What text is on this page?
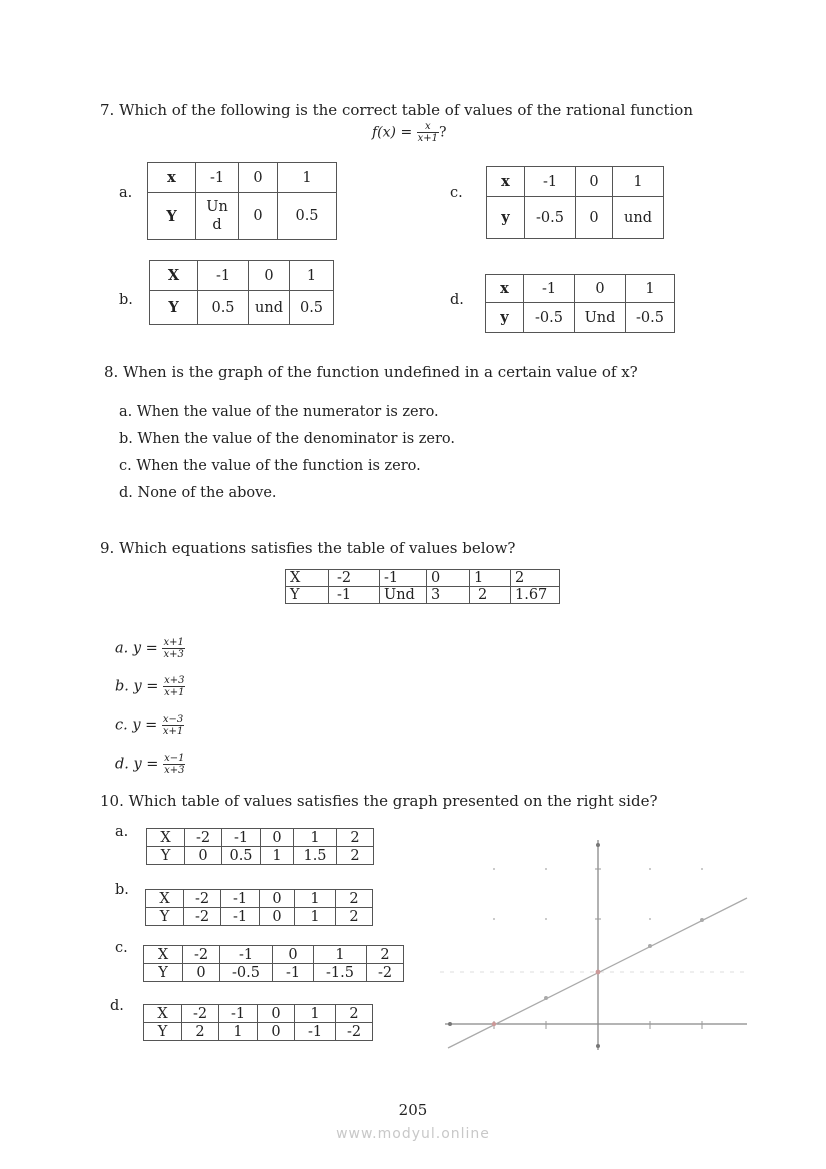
7. Which of the following is the correct table of values of the rational function
$f(x) = \frac{x}{x+1}$ ?
a.
x	-1	0	1
Y	Un d	0	0.5
b.
X	-1	0	1
Y	0.5	und	0.5
c.
x	-1	0	1
y	-0.5	0	und
d.
x	-1	0	1
y	-0.5	Und	-0.5
8. When is the graph of the function undefined in a certain value of x?
a. When the value of the numerator is zero.
b. When the value of the denominator is zero.
c. When the value of the function is zero.
d. None of the above.
9. Which equations satisfies the table of values below?
X	-2	-1	0	1	2
Y	-1	Und	3	2	1.67
a. $y = \frac{x+1}{x+3}$
b. $y = \frac{x+3}{x+1}$
c. $y = \frac{x-3}{x+1}$
d. $y = \frac{x-1}{x+3}$
10. Which table of values satisfies the graph presented on the right side?
a. X	-2	-1	0	1	2
Y	0	0.5	1	1.5	2
b.
X	-2	-1	0	1	2
Y	-2	-1	0	1	2
c. X	-2	-1	0	1	2
Y	0	-0.5	-1	-1.5	-2
d. X	-2	-1	0	1	2
Y	2	1	0	-1	-2
205
www.modyul.online
